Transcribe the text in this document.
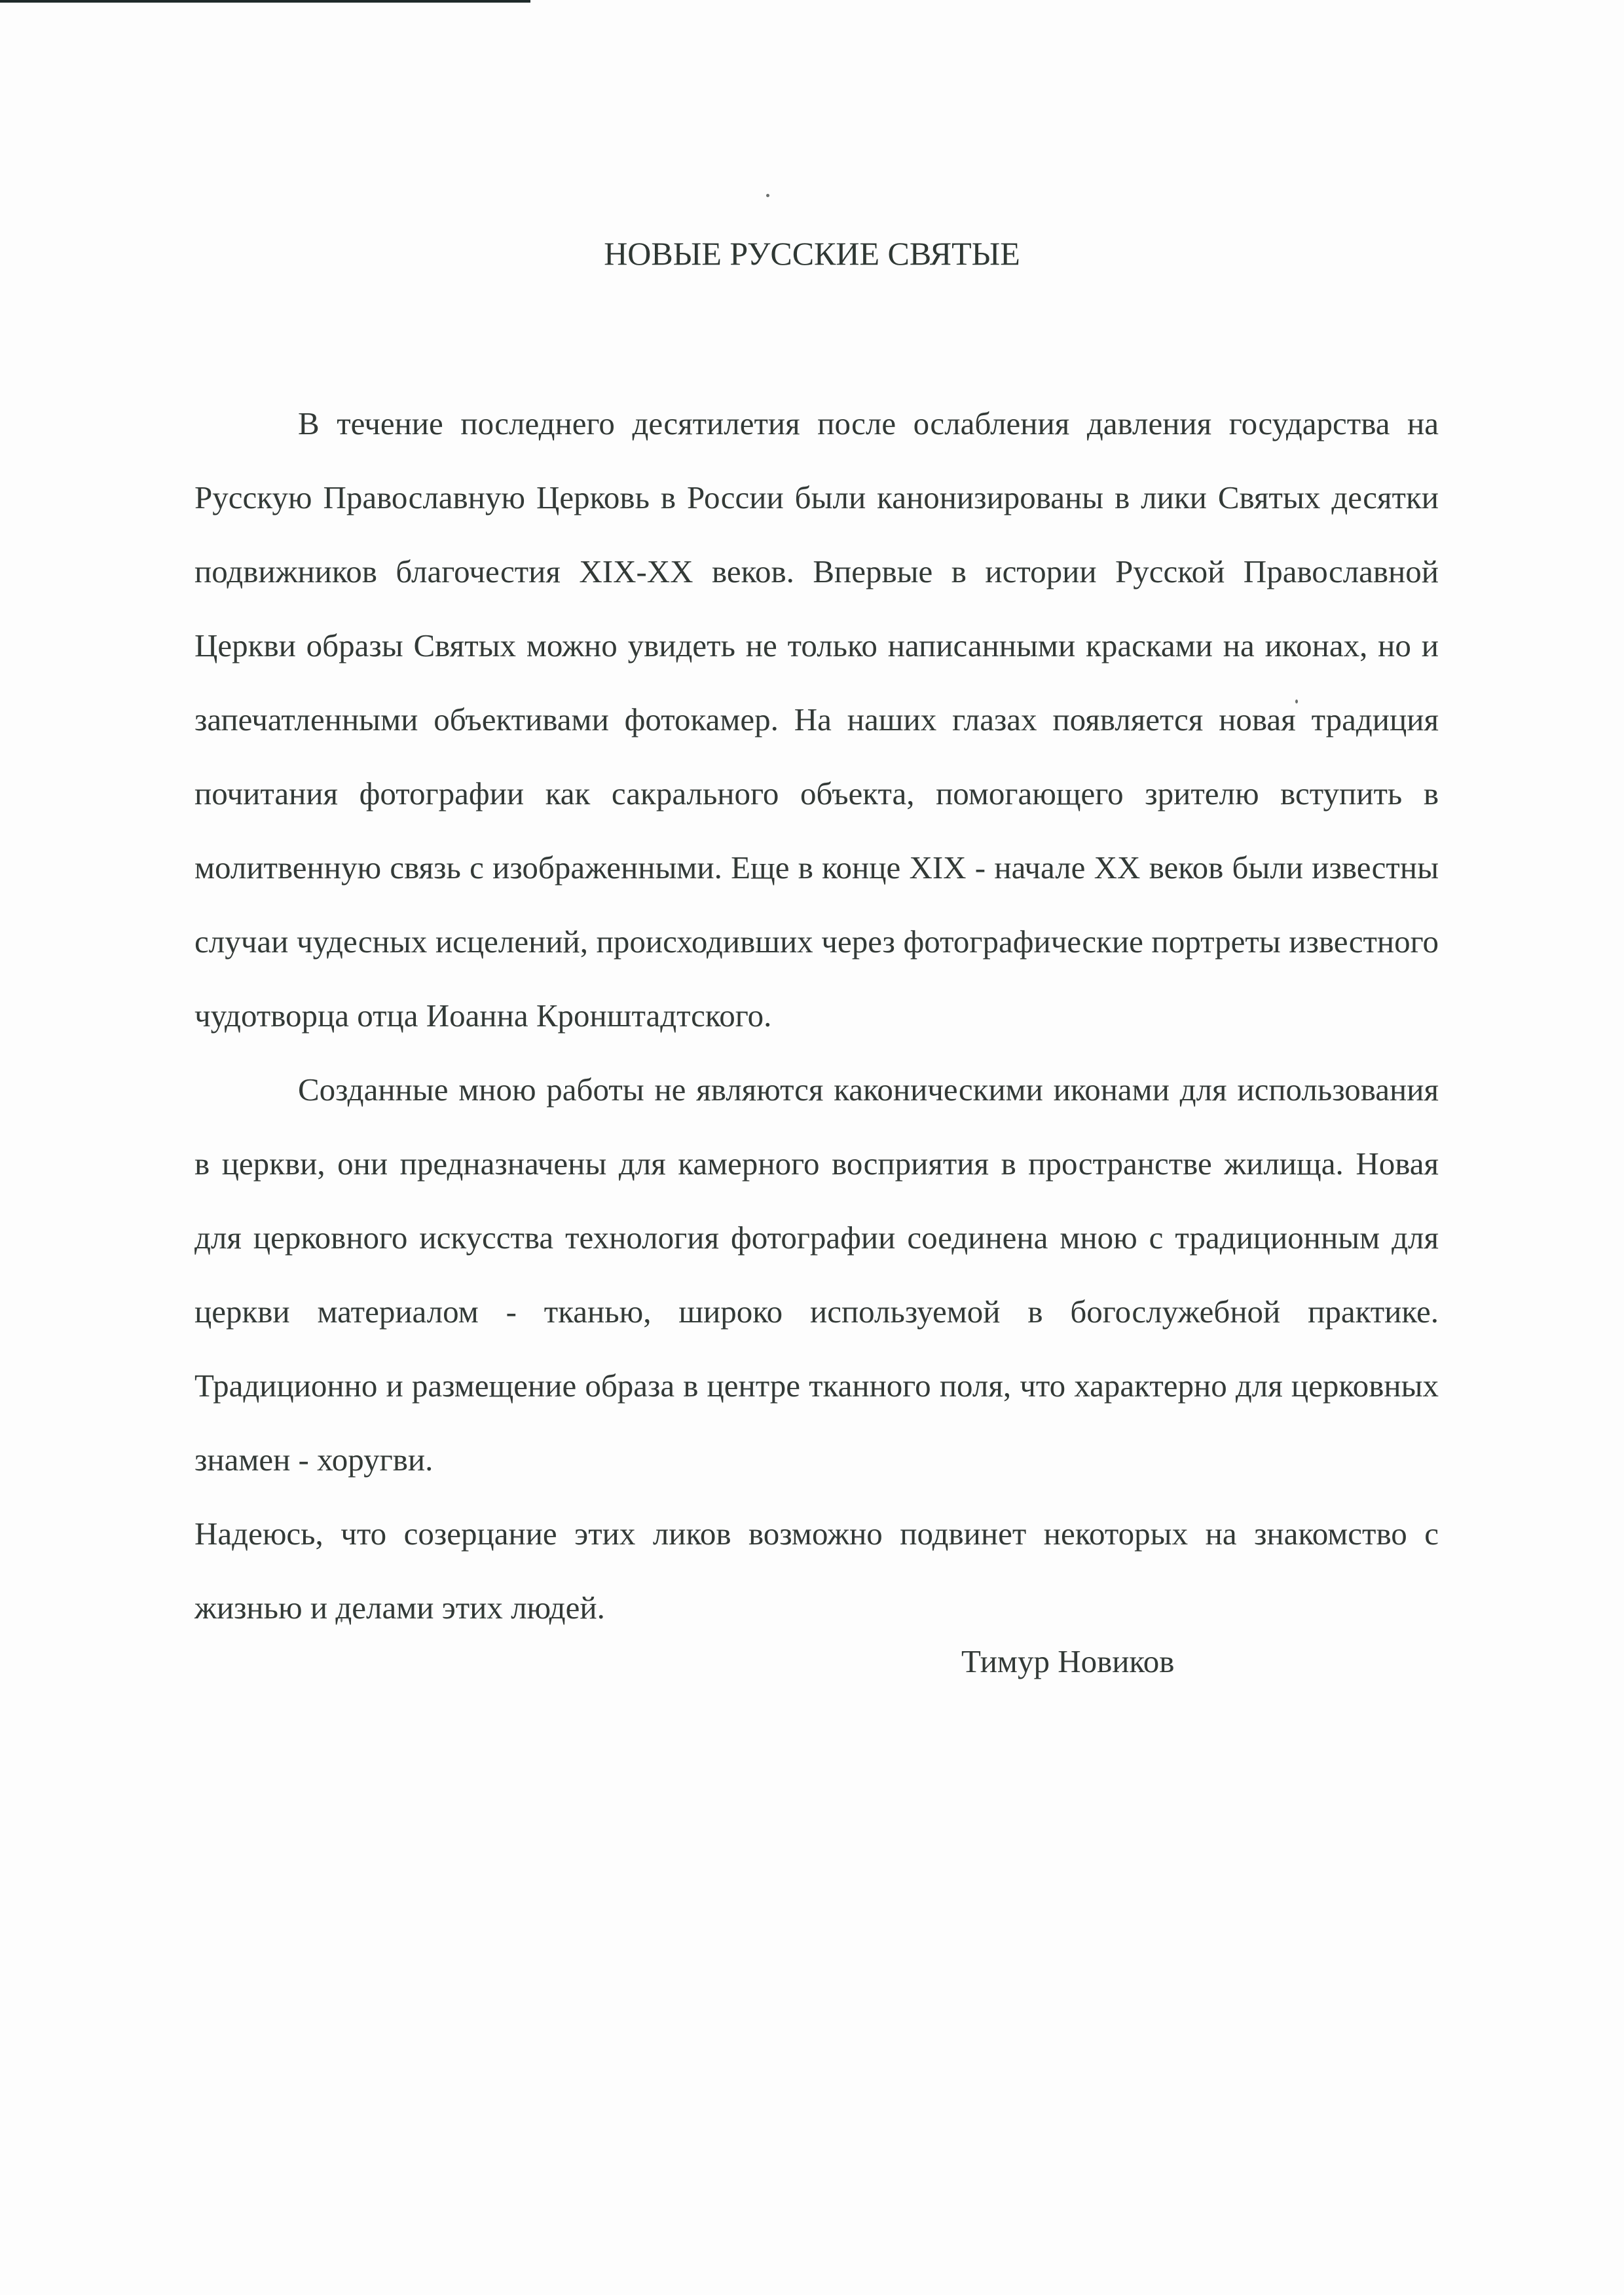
НОВЫЕ РУССКИЕ СВЯТЫЕ

В течение последнего десятилетия после ослабления давления государства на Русскую Православную Церковь в России были канонизированы в лики Святых десятки подвижников благочестия XIX-XX веков. Впервые в истории Русской Православной Церкви образы Святых можно увидеть не только написанными красками на иконах, но и запечатленными объективами фотокамер. На наших глазах появляется новая традиция почитания фотографии как сакрального объекта, помогающего зрителю вступить в молитвенную связь с изображенными. Еще в конце XIX - начале XX веков были известны случаи чудесных исцелений, происходивших через фотографические портреты известного чудотворца отца Иоанна Кронштадтского.

Созданные мною работы не являются каконическими иконами для использования в церкви, они предназначены для камерного восприятия в пространстве жилища. Новая для церковного искусства технология фотографии соединена мною с традиционным для церкви материалом - тканью, широко используемой в богослужебной практике. Традиционно и размещение образа в центре тканного поля, что характерно для церковных знамен - хоругви.

Надеюсь, что созерцание этих ликов возможно подвинет некоторых на знакомство с жизнью и делами этих людей.

Тимур Новиков
